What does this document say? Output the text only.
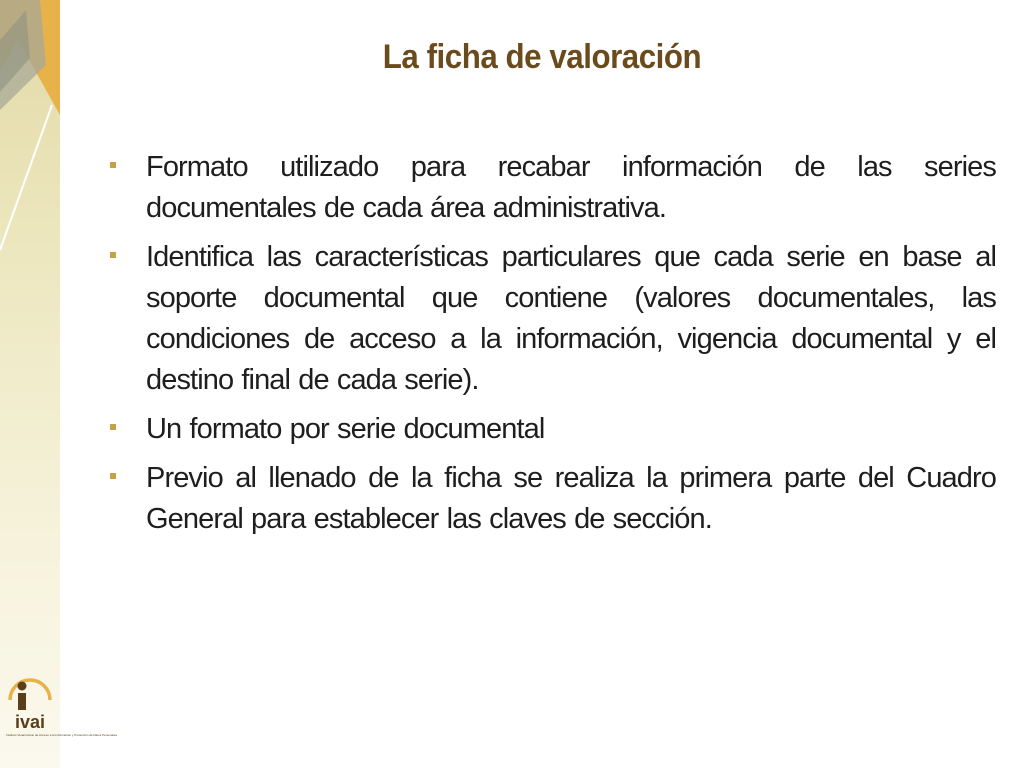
La ficha de valoración
Formato utilizado para recabar información de las series documentales de cada área administrativa.
Identifica las características particulares que cada serie en base al soporte documental que contiene (valores documentales, las condiciones de acceso a la información, vigencia documental y el destino final de cada serie).
Un formato por serie documental
Previo al llenado de la ficha se realiza la primera parte del Cuadro General para establecer las claves de sección.
ivai
Instituto Veracruzano de Acceso a la Información y Protección de Datos Personales
